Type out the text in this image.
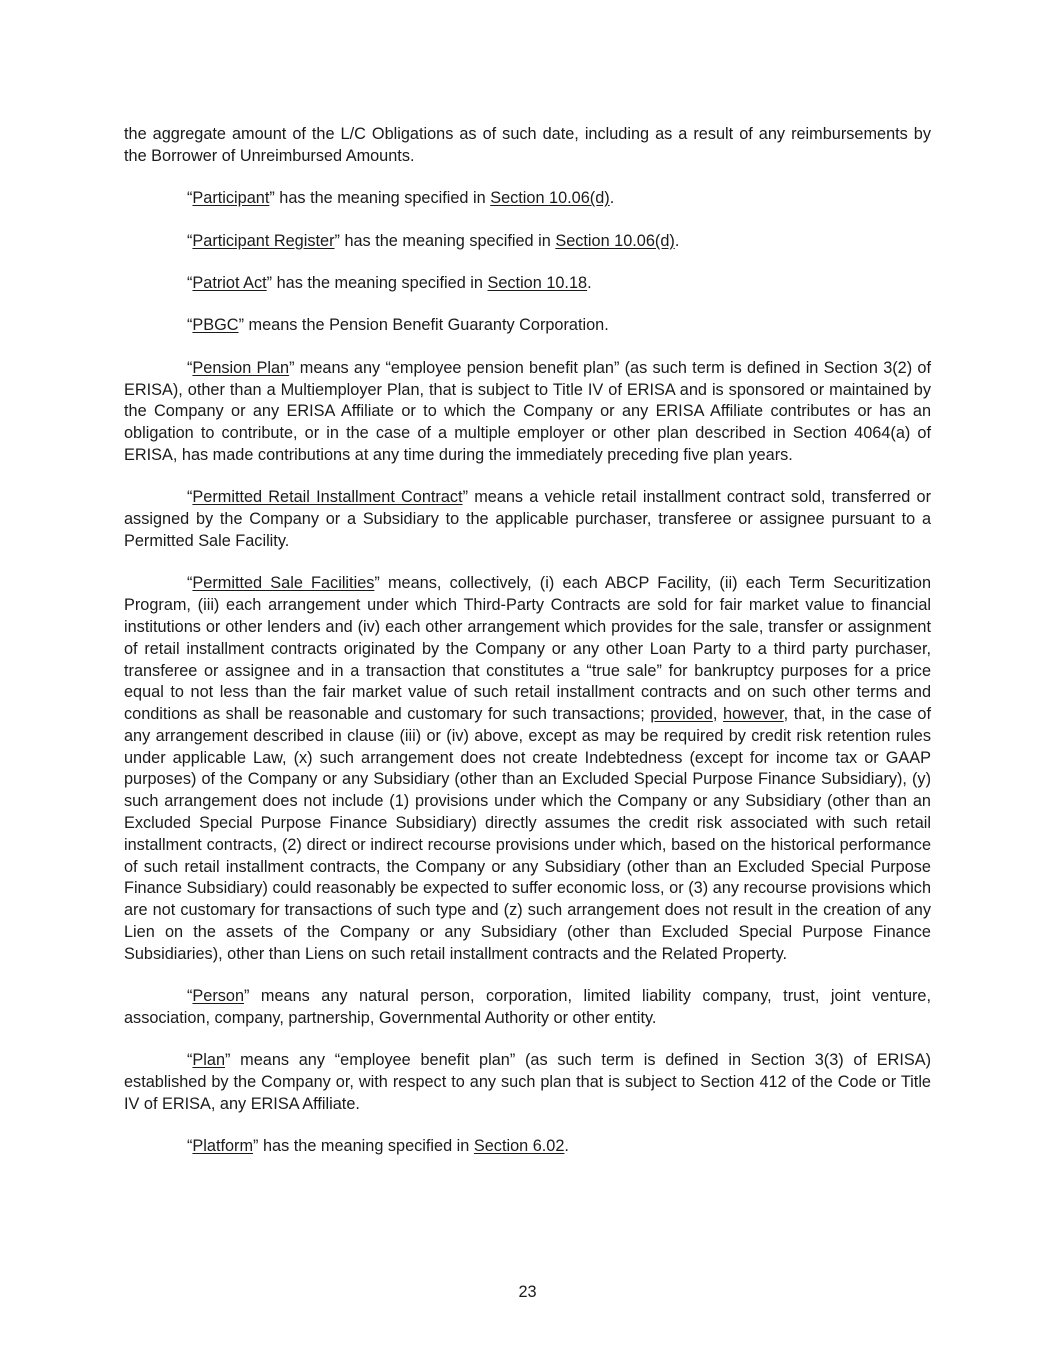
the aggregate amount of the L/C Obligations as of such date, including as a result of any reimbursements by the Borrower of Unreimbursed Amounts.

“Participant” has the meaning specified in Section 10.06(d).

“Participant Register” has the meaning specified in Section 10.06(d).

“Patriot Act” has the meaning specified in Section 10.18.

“PBGC” means the Pension Benefit Guaranty Corporation.

“Pension Plan” means any “employee pension benefit plan” (as such term is defined in Section 3(2) of ERISA), other than a Multiemployer Plan, that is subject to Title IV of ERISA and is sponsored or maintained by the Company or any ERISA Affiliate or to which the Company or any ERISA Affiliate contributes or has an obligation to contribute, or in the case of a multiple employer or other plan described in Section 4064(a) of ERISA, has made contributions at any time during the immediately preceding five plan years.

“Permitted Retail Installment Contract” means a vehicle retail installment contract sold, transferred or assigned by the Company or a Subsidiary to the applicable purchaser, transferee or assignee pursuant to a Permitted Sale Facility.

“Permitted Sale Facilities” means, collectively, (i) each ABCP Facility, (ii) each Term Securitization Program, (iii) each arrangement under which Third-Party Contracts are sold for fair market value to financial institutions or other lenders and (iv) each other arrangement which provides for the sale, transfer or assignment of retail installment contracts originated by the Company or any other Loan Party to a third party purchaser, transferee or assignee and in a transaction that constitutes a “true sale” for bankruptcy purposes for a price equal to not less than the fair market value of such retail installment contracts and on such other terms and conditions as shall be reasonable and customary for such transactions; provided, however, that, in the case of any arrangement described in clause (iii) or (iv) above, except as may be required by credit risk retention rules under applicable Law, (x) such arrangement does not create Indebtedness (except for income tax or GAAP purposes) of the Company or any Subsidiary (other than an Excluded Special Purpose Finance Subsidiary), (y) such arrangement does not include (1) provisions under which the Company or any Subsidiary (other than an Excluded Special Purpose Finance Subsidiary) directly assumes the credit risk associated with such retail installment contracts, (2) direct or indirect recourse provisions under which, based on the historical performance of such retail installment contracts, the Company or any Subsidiary (other than an Excluded Special Purpose Finance Subsidiary) could reasonably be expected to suffer economic loss, or (3) any recourse provisions which are not customary for transactions of such type and (z) such arrangement does not result in the creation of any Lien on the assets of the Company or any Subsidiary (other than Excluded Special Purpose Finance Subsidiaries), other than Liens on such retail installment contracts and the Related Property.

“Person” means any natural person, corporation, limited liability company, trust, joint venture, association, company, partnership, Governmental Authority or other entity.

“Plan” means any “employee benefit plan” (as such term is defined in Section 3(3) of ERISA) established by the Company or, with respect to any such plan that is subject to Section 412 of the Code or Title IV of ERISA, any ERISA Affiliate.

“Platform” has the meaning specified in Section 6.02.

23
